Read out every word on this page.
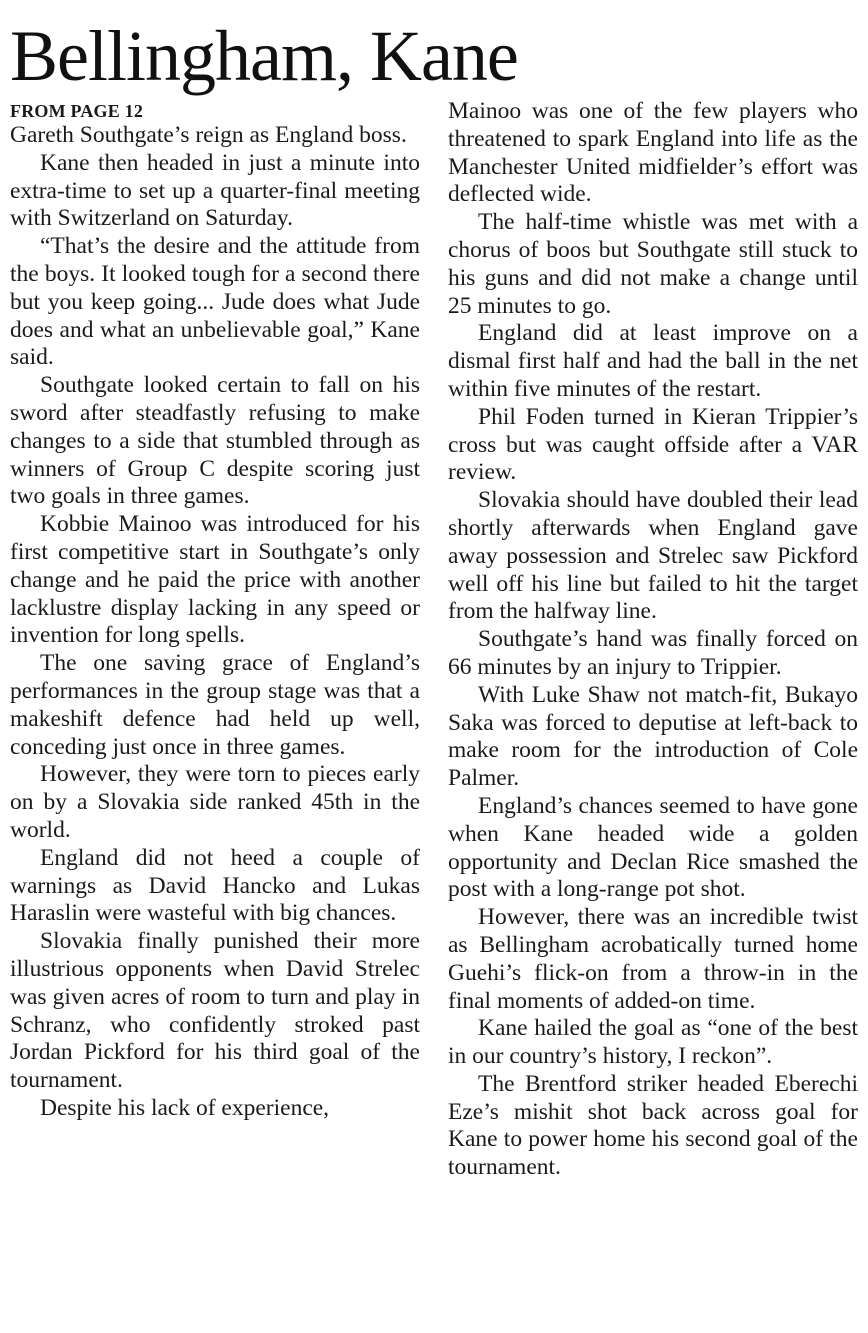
Bellingham, Kane

FROM PAGE 12

Gareth Southgate’s reign as England boss.

Kane then headed in just a minute into extra-time to set up a quarter-final meeting with Switzerland on Saturday.

“That’s the desire and the attitude from the boys. It looked tough for a second there but you keep going... Jude does what Jude does and what an unbelievable goal,” Kane said.

Southgate looked certain to fall on his sword after steadfastly refusing to make changes to a side that stumbled through as winners of Group C despite scoring just two goals in three games.

Kobbie Mainoo was introduced for his first competitive start in Southgate’s only change and he paid the price with another lacklustre display lacking in any speed or invention for long spells.

The one saving grace of England’s performances in the group stage was that a makeshift defence had held up well, conceding just once in three games.

However, they were torn to pieces early on by a Slovakia side ranked 45th in the world.

England did not heed a couple of warnings as David Hancko and Lukas Haraslin were wasteful with big chances.

Slovakia finally punished their more illustrious opponents when David Strelec was given acres of room to turn and play in Schranz, who confidently stroked past Jordan Pickford for his third goal of the tournament.

Despite his lack of experience,

Mainoo was one of the few players who threatened to spark England into life as the Manchester United midfielder’s effort was deflected wide.

The half-time whistle was met with a chorus of boos but Southgate still stuck to his guns and did not make a change until 25 minutes to go.

England did at least improve on a dismal first half and had the ball in the net within five minutes of the restart.

Phil Foden turned in Kieran Trippier’s cross but was caught offside after a VAR review.

Slovakia should have doubled their lead shortly afterwards when England gave away possession and Strelec saw Pickford well off his line but failed to hit the target from the halfway line.

Southgate’s hand was finally forced on 66 minutes by an injury to Trippier.

With Luke Shaw not match-fit, Bukayo Saka was forced to deputise at left-back to make room for the introduction of Cole Palmer.

England’s chances seemed to have gone when Kane headed wide a golden opportunity and Declan Rice smashed the post with a long-range pot shot.

However, there was an incredible twist as Bellingham acrobatically turned home Guehi’s flick-on from a throw-in in the final moments of added-on time.

Kane hailed the goal as “one of the best in our country’s history, I reckon”.

The Brentford striker headed Eberechi Eze’s mishit shot back across goal for Kane to power home his second goal of the tournament.
